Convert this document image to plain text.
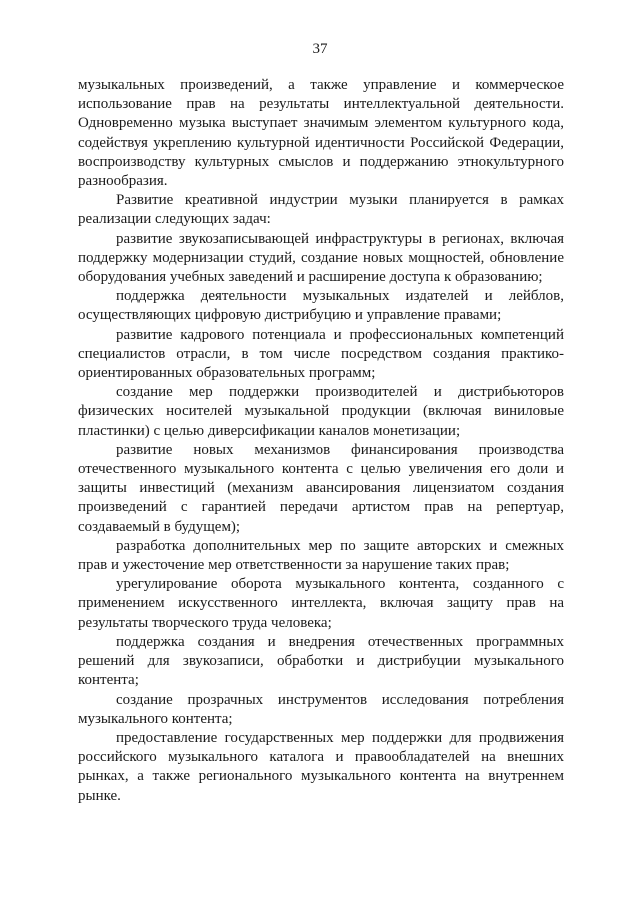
37

музыкальных произведений, а также управление и коммерческое использование прав на результаты интеллектуальной деятельности. Одновременно музыка выступает значимым элементом культурного кода, содействуя укреплению культурной идентичности Российской Федерации, воспроизводству культурных смыслов и поддержанию этнокультурного разнообразия.

Развитие креативной индустрии музыки планируется в рамках реализации следующих задач:

развитие звукозаписывающей инфраструктуры в регионах, включая поддержку модернизации студий, создание новых мощностей, обновление оборудования учебных заведений и расширение доступа к образованию;

поддержка деятельности музыкальных издателей и лейблов, осуществляющих цифровую дистрибуцию и управление правами;

развитие кадрового потенциала и профессиональных компетенций специалистов отрасли, в том числе посредством создания практико-ориентированных образовательных программ;

создание мер поддержки производителей и дистрибьюторов физических носителей музыкальной продукции (включая виниловые пластинки) с целью диверсификации каналов монетизации;

развитие новых механизмов финансирования производства отечественного музыкального контента с целью увеличения его доли и защиты инвестиций (механизм авансирования лицензиатом создания произведений с гарантией передачи артистом прав на репертуар, создаваемый в будущем);

разработка дополнительных мер по защите авторских и смежных прав и ужесточение мер ответственности за нарушение таких прав;

урегулирование оборота музыкального контента, созданного с применением искусственного интеллекта, включая защиту прав на результаты творческого труда человека;

поддержка создания и внедрения отечественных программных решений для звукозаписи, обработки и дистрибуции музыкального контента;

создание прозрачных инструментов исследования потребления музыкального контента;

предоставление государственных мер поддержки для продвижения российского музыкального каталога и правообладателей на внешних рынках, а также регионального музыкального контента на внутреннем рынке.
